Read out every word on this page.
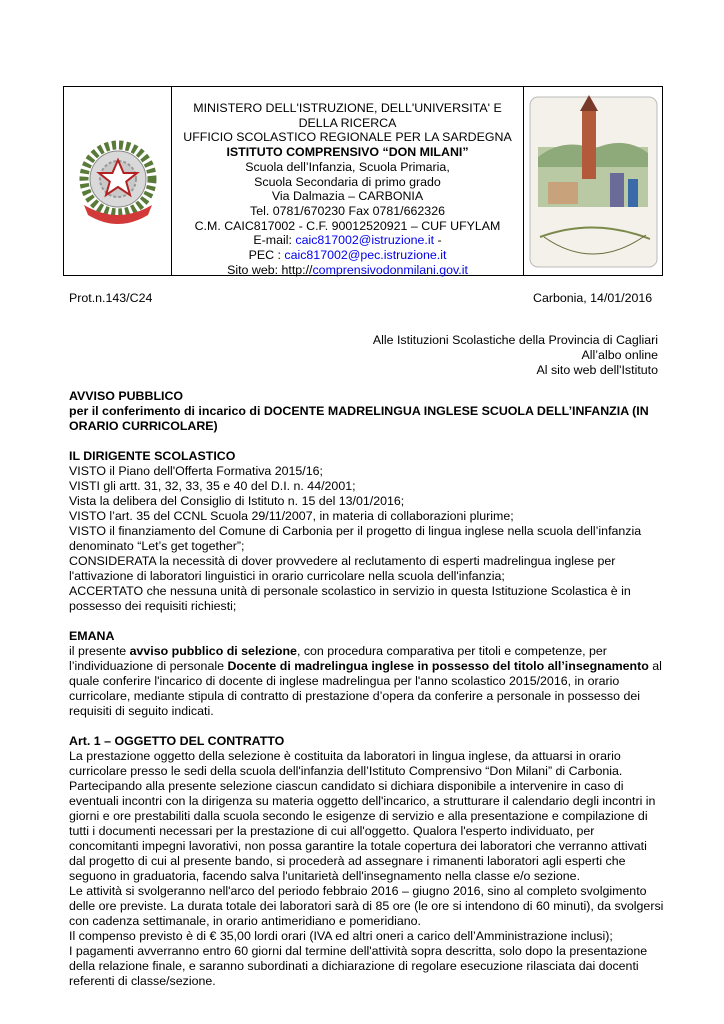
MINISTERO DELL'ISTRUZIONE, DELL'UNIVERSITA' E
DELLA RICERCA
UFFICIO SCOLASTICO REGIONALE PER LA SARDEGNA
ISTITUTO COMPRENSIVO “DON MILANI”
Scuola dell’Infanzia, Scuola Primaria,
Scuola Secondaria di primo grado
Via Dalmazia – CARBONIA
Tel. 0781/670230 Fax 0781/662326
C.M. CAIC817002 - C.F. 90012520921 – CUF UFYLAM
E-mail: caic817002@istruzione.it -
PEC : caic817002@pec.istruzione.it
Sito web: http://comprensivodonmilani.gov.it
Prot.n.143/C24	Carbonia, 14/01/2016
Alle Istituzioni Scolastiche della Provincia di Cagliari
All’albo online
Al sito web dell'Istituto

AVVISO PUBBLICO

per il conferimento di incarico di DOCENTE MADRELINGUA INGLESE SCUOLA DELL’INFANZIA (IN

ORARIO CURRICOLARE)

IL DIRIGENTE SCOLASTICO

VISTO il Piano dell'Offerta Formativa 2015/16;

VISTI gli artt. 31, 32, 33, 35 e 40 del D.I. n. 44/2001;

Vista la delibera del Consiglio di Istituto n. 15 del 13/01/2016;

VISTO l’art. 35 del CCNL Scuola 29/11/2007, in materia di collaborazioni plurime;

VISTO il finanziamento del Comune di Carbonia per il progetto di lingua inglese nella scuola dell’infanzia

denominato “Let’s get together”;

CONSIDERATA la necessità di dover provvedere al reclutamento di esperti madrelingua inglese per

l'attivazione di laboratori linguistici in orario curricolare nella scuola dell'infanzia;

ACCERTATO che nessuna unità di personale scolastico in servizio in questa Istituzione Scolastica è in

possesso dei requisiti richiesti;

EMANA

il presente avviso pubblico di selezione, con procedura comparativa per titoli e competenze, per

l’individuazione di personale Docente di madrelingua inglese in possesso del titolo all’insegnamento al

quale conferire l'incarico di docente di inglese madrelingua per l'anno scolastico 2015/2016, in orario

curricolare, mediante stipula di contratto di prestazione d’opera da conferire a personale in possesso dei

requisiti di seguito indicati.

Art. 1 – OGGETTO DEL CONTRATTO

La prestazione oggetto della selezione è costituita da laboratori in lingua inglese, da attuarsi in orario

curricolare presso le sedi della scuola dell'infanzia dell’Istituto Comprensivo “Don Milani” di Carbonia.

Partecipando alla presente selezione ciascun candidato si dichiara disponibile a intervenire in caso di

eventuali incontri con la dirigenza su materia oggetto dell'incarico, a strutturare il calendario degli incontri in

giorni e ore prestabiliti dalla scuola secondo le esigenze di servizio e alla presentazione e compilazione di

tutti i documenti necessari per la prestazione di cui all'oggetto. Qualora l'esperto individuato, per

concomitanti impegni lavorativi, non possa garantire la totale copertura dei laboratori che verranno attivati

dal progetto di cui al presente bando, si procederà ad assegnare i rimanenti laboratori agli esperti che

seguono in graduatoria, facendo salva l'unitarietà dell'insegnamento nella classe e/o sezione.

Le attività si svolgeranno nell'arco del periodo febbraio 2016 – giugno 2016, sino al completo svolgimento

delle ore previste. La durata totale dei laboratori sarà di 85 ore (le ore si intendono di 60 minuti), da svolgersi

con cadenza settimanale, in orario antimeridiano e pomeridiano.

Il compenso previsto è di € 35,00 lordi orari (IVA ed altri oneri a carico dell’Amministrazione inclusi);

I pagamenti avverranno entro 60 giorni dal termine dell'attività sopra descritta, solo dopo la presentazione

della relazione finale, e saranno subordinati a dichiarazione di regolare esecuzione rilasciata dai docenti

referenti di classe/sezione.
